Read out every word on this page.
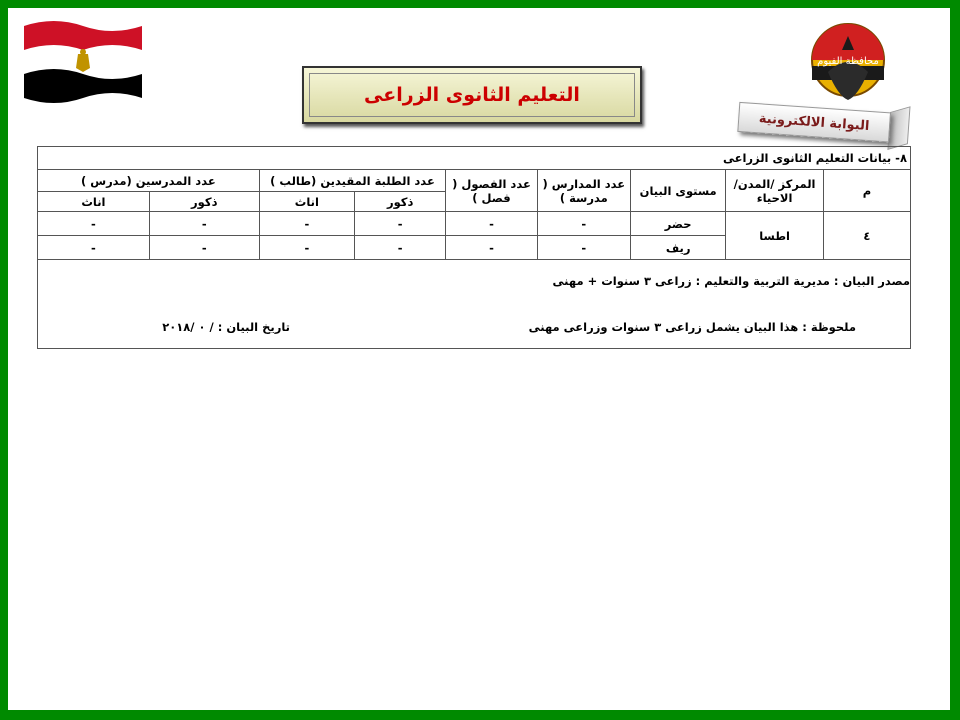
التعليم الثانوى الزراعى
محافظة الفيوم
البوابة الالكترونية
٨- بيانات التعليم الثانوى الزراعى								
م	المركز /المدن/الاحياء	مستوى البيان	عدد المدارس ( مدرسة )	عدد الفصول ( فصل )	عدد الطلبة المقيدين (طالب )		عدد المدرسين (مدرس )	
					ذكور	اناث	ذكور	اناث
٤	اطسا	حضر	-	-	-	-	-	-
		ريف	-	-	-	-	-	-

مصدر البيان : مديرية التربية والتعليم : زراعى ٣ سنوات + مهنى
ملحوظة : هذا البيان يشمل زراعى ٣ سنوات وزراعى مهنى
تاريخ البيان : / ٠ /٢٠١٨								
